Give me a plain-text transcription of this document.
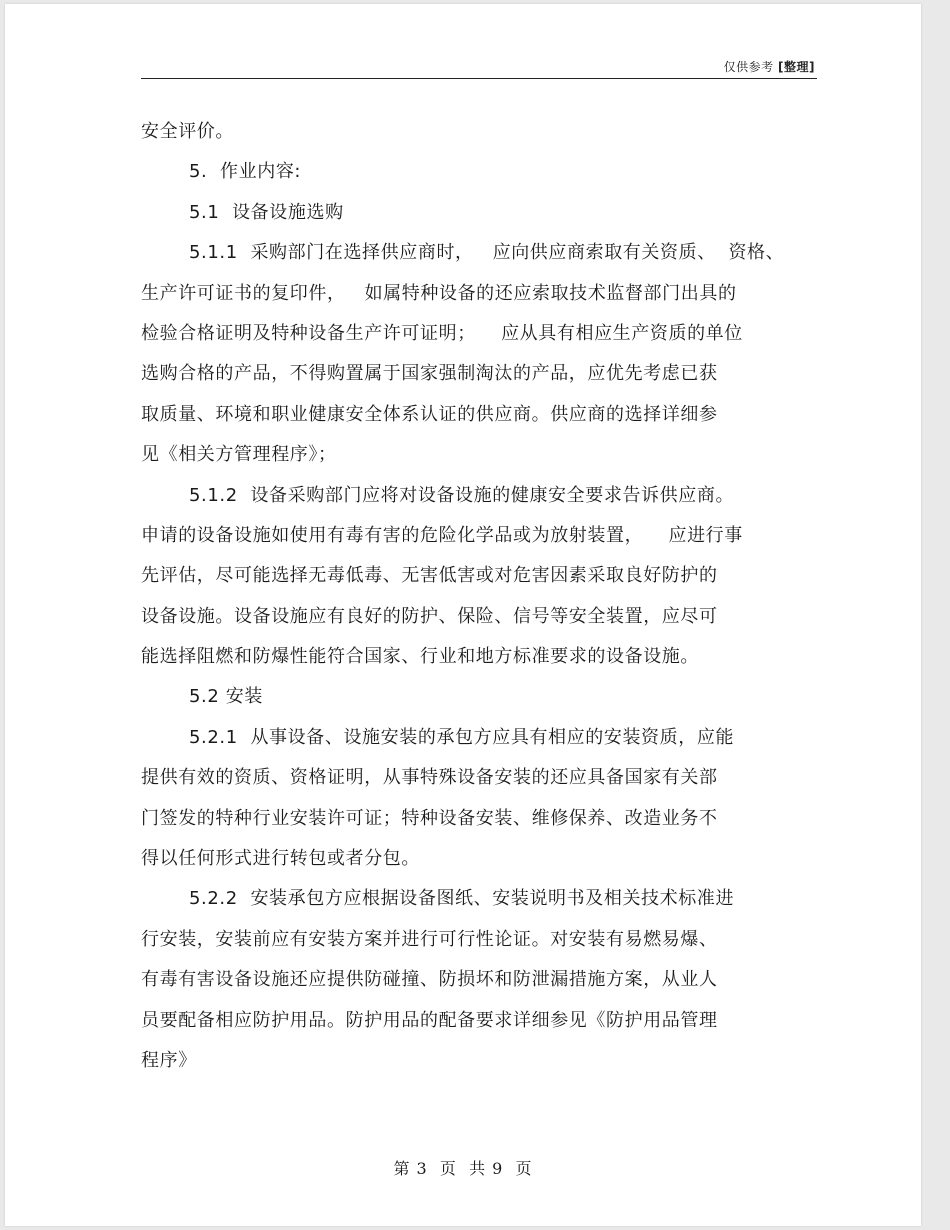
仅供参考 [整理]
安全评价。
5.  作业内容:
5.1  设备设施选购
5.1.1  采购部门在选择供应商时，   应向供应商索取有关资质、  资格、
生产许可证书的复印件，   如属特种设备的还应索取技术监督部门出具的
检验合格证明及特种设备生产许可证明；    应从具有相应生产资质的单位
选购合格的产品，不得购置属于国家强制淘汰的产品，应优先考虑已获
取质量、环境和职业健康安全体系认证的供应商。供应商的选择详细参
见《相关方管理程序》；
5.1.2  设备采购部门应将对设备设施的健康安全要求告诉供应商。
申请的设备设施如使用有毒有害的危险化学品或为放射装置，    应进行事
先评估，尽可能选择无毒低毒、无害低害或对危害因素采取良好防护的
设备设施。设备设施应有良好的防护、保险、信号等安全装置，应尽可
能选择阻燃和防爆性能符合国家、行业和地方标准要求的设备设施。
5.2 安装
5.2.1  从事设备、设施安装的承包方应具有相应的安装资质，应能
提供有效的资质、资格证明，从事特殊设备安装的还应具备国家有关部
门签发的特种行业安装许可证；特种设备安装、维修保养、改造业务不
得以任何形式进行转包或者分包。
5.2.2  安装承包方应根据设备图纸、安装说明书及相关技术标准进
行安装，安装前应有安装方案并进行可行性论证。对安装有易燃易爆、
有毒有害设备设施还应提供防碰撞、防损坏和防泄漏措施方案，从业人
员要配备相应防护用品。防护用品的配备要求详细参见《防护用品管理
程序》
第 3  页  共 9  页
